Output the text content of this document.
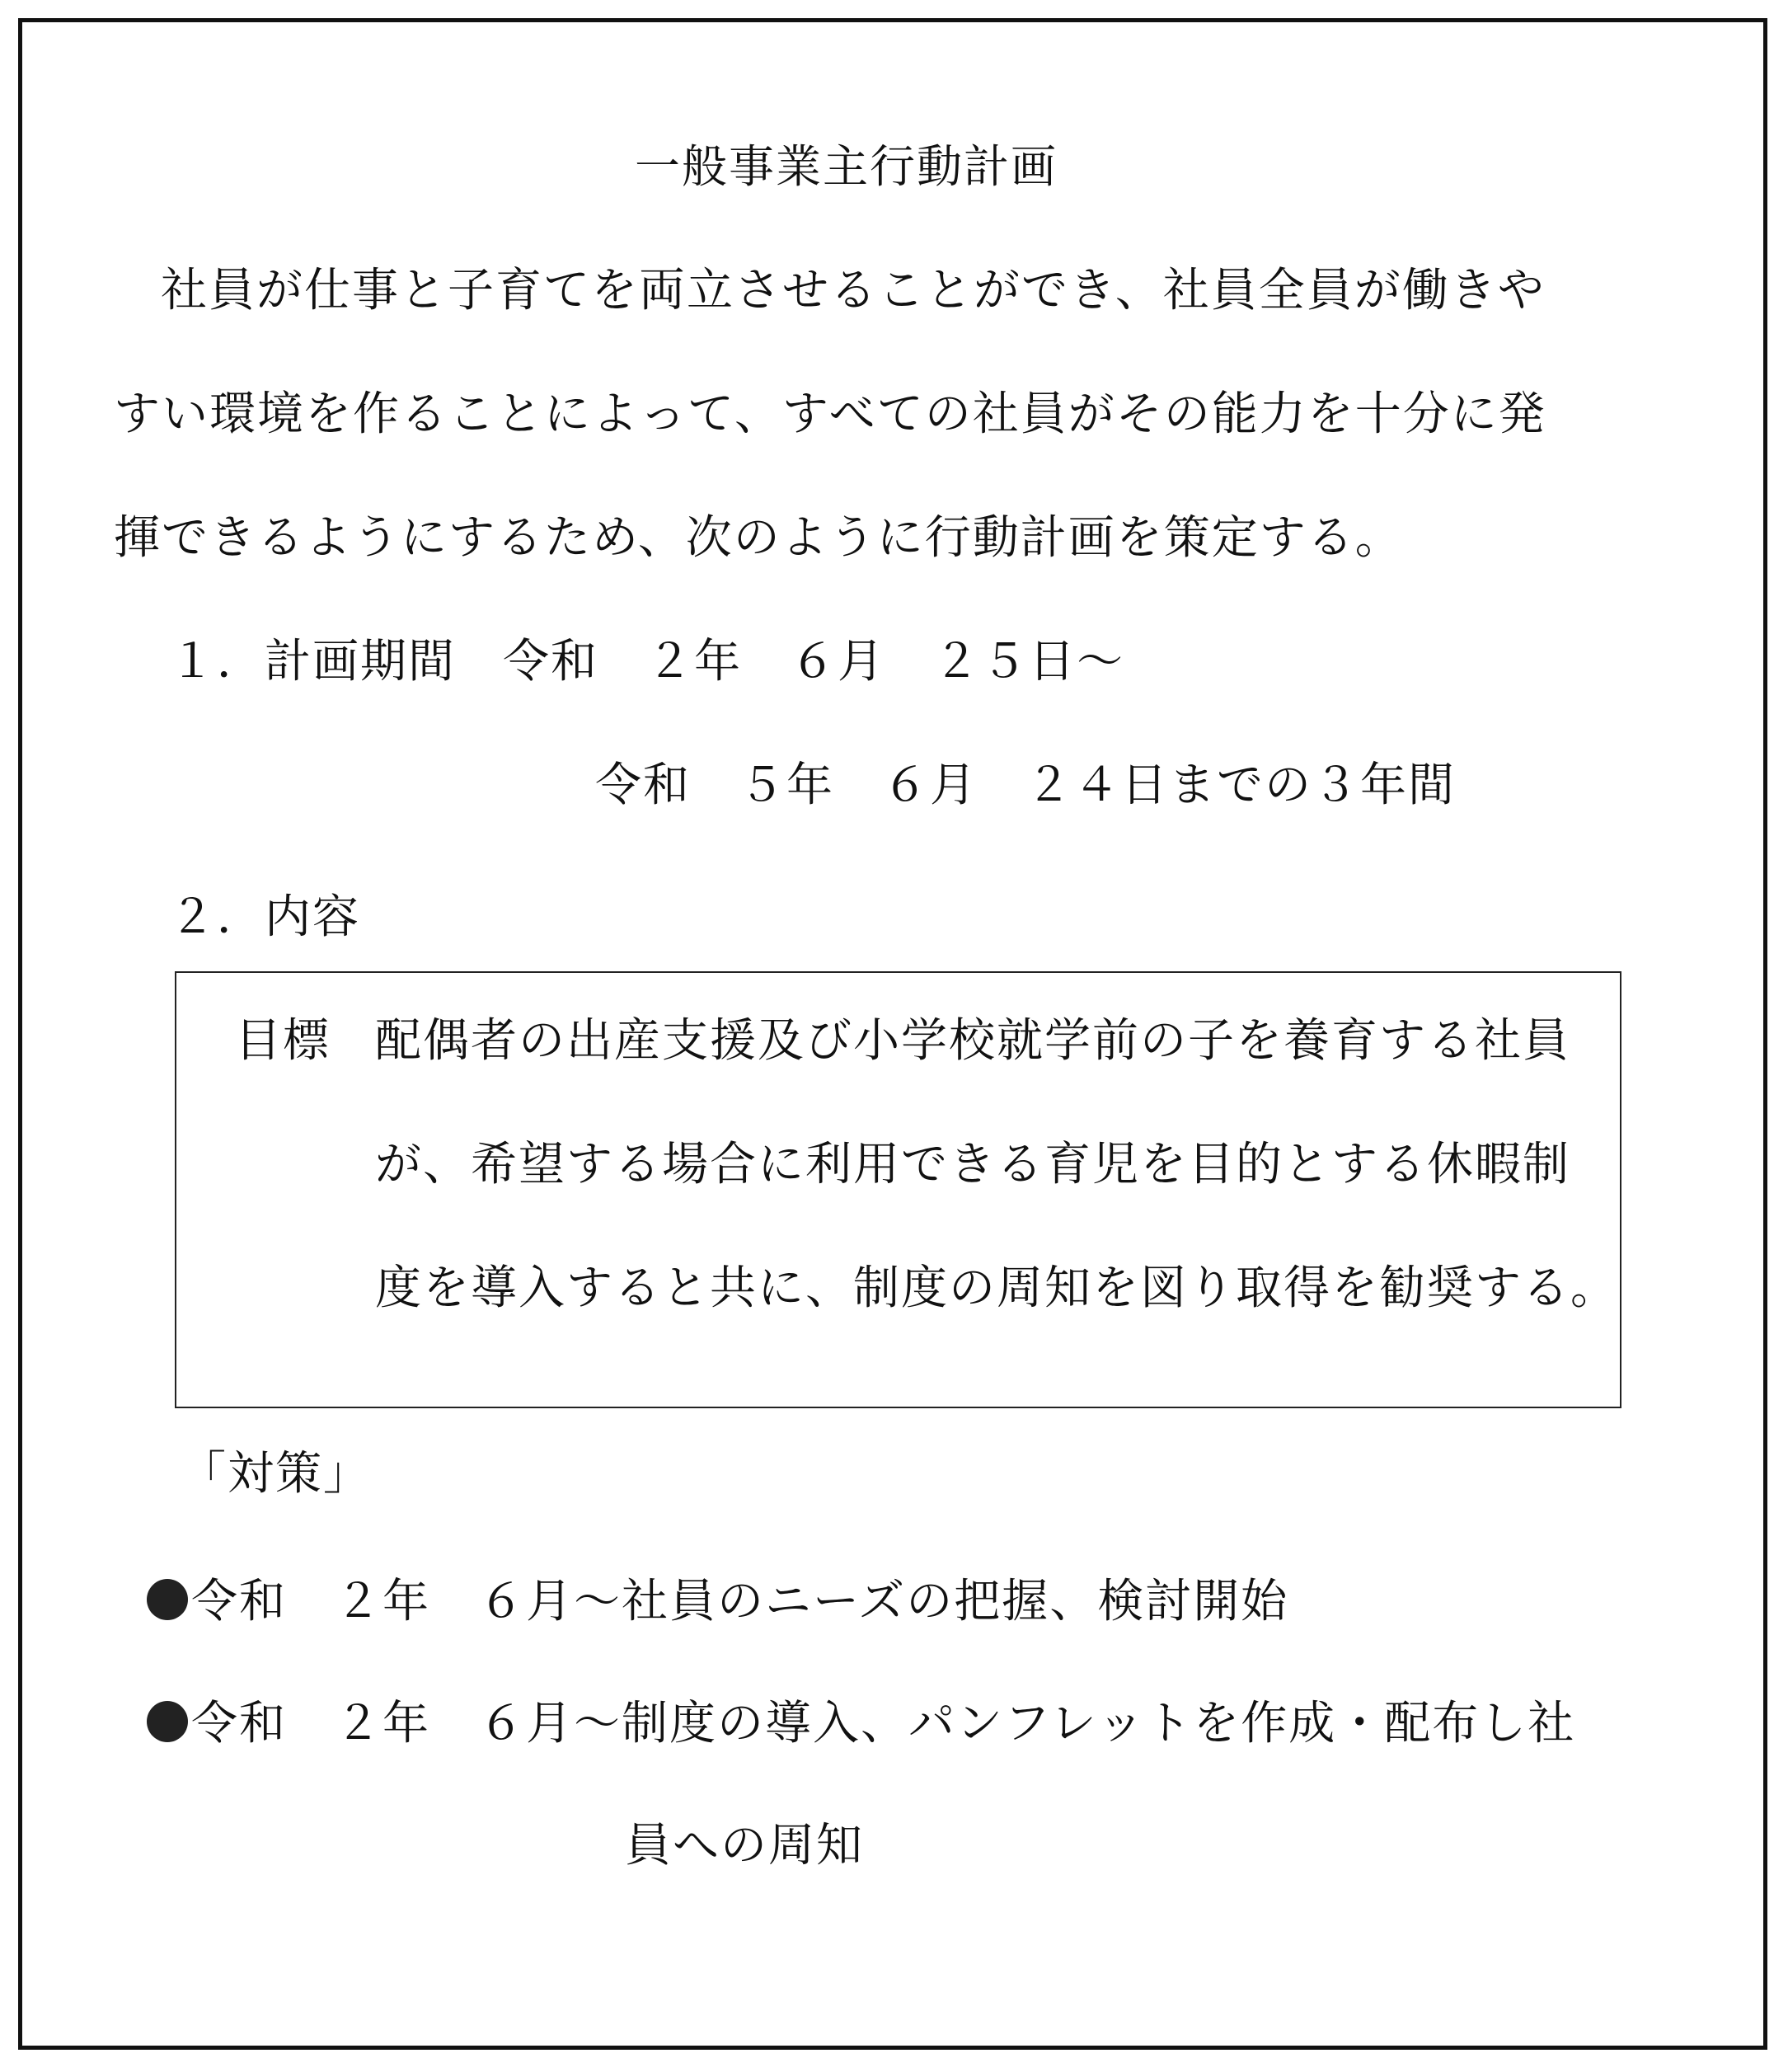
一般事業主行動計画
社員が仕事と子育てを両立させることができ、社員全員が働きや
すい環境を作ることによって、すべての社員がその能力を十分に発
揮できるようにするため、次のように行動計画を策定する。
１．計画期間 令和　２年　６月　２５日～
令和　５年　６月　２４日までの３年間
２．内容
目標 配偶者の出産支援及び小学校就学前の子を養育する社員
が、希望する場合に利用できる育児を目的とする休暇制
度を導入すると共に、制度の周知を図り取得を勧奨する。
「対策」
令和　２年　６月～社員のニーズの把握、検討開始
令和　２年　６月～制度の導入、パンフレットを作成・配布し社
員への周知
